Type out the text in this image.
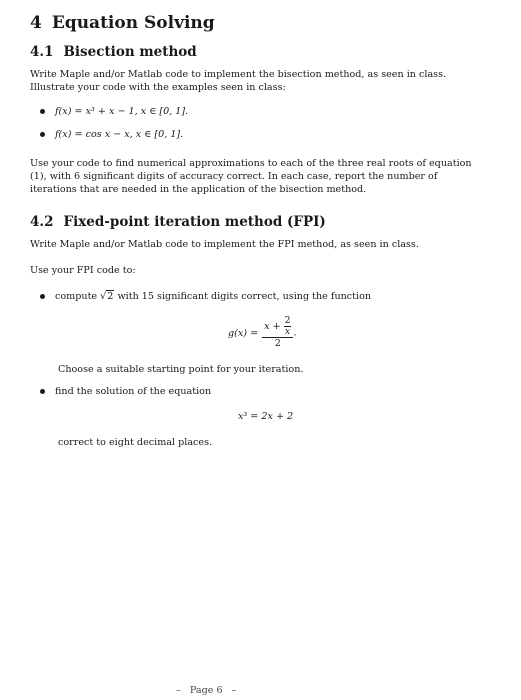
4 Equation Solving
4.1 Bisection method
Write Maple and/or Matlab code to implement the bisection method, as seen in class.
Illustrate your code with the examples seen in class:
f(x) = x³ + x − 1, x ∈ [0, 1].
f(x) = cos x − x, x ∈ [0, 1].
Use your code to find numerical approximations to each of the three real roots of equation
(1), with 6 significant digits of accuracy correct. In each case, report the number of
iterations that are needed in the application of the bisection method.
4.2 Fixed-point iteration method (FPI)
Write Maple and/or Matlab code to implement the FPI method, as seen in class.
Use your FPI code to:
compute √2 with 15 significant digits correct, using the function
$g(x) = \frac{x + \frac{2}{x}}{2}$ .
Choose a suitable starting point for your iteration.
find the solution of the equation
x³ = 2x + 2
correct to eight decimal places.
– Page 6 –
